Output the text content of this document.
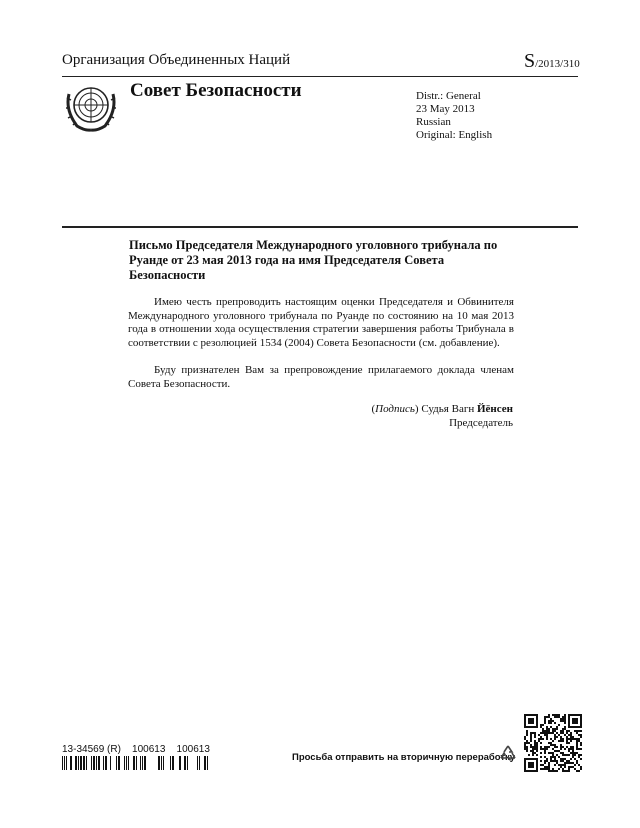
Организация Объединенных Наций	S/2013/310
Совет Безопасности	Distr.: General
23 May 2013
Russian
Original: English
Письмо Председателя Международного уголовного трибунала по Руанде от 23 мая 2013 года на имя Председателя Совета Безопасности
Имею честь препроводить настоящим оценки Председателя и Обвинителя Международного уголовного трибунала по Руанде по состоянию на 10 мая 2013 года в отношении хода осуществления стратегии завершения работы Трибунала в соответствии с резолюцией 1534 (2004) Совета Безопасности (см. добавление).
Буду признателен Вам за препровождение прилагаемого доклада членам Совета Безопасности.
(Подпись) Судья Вагн Йёнсен
Председатель
13-34569 (R)    100613    100613
Просьба отправить на вторичную переработку
